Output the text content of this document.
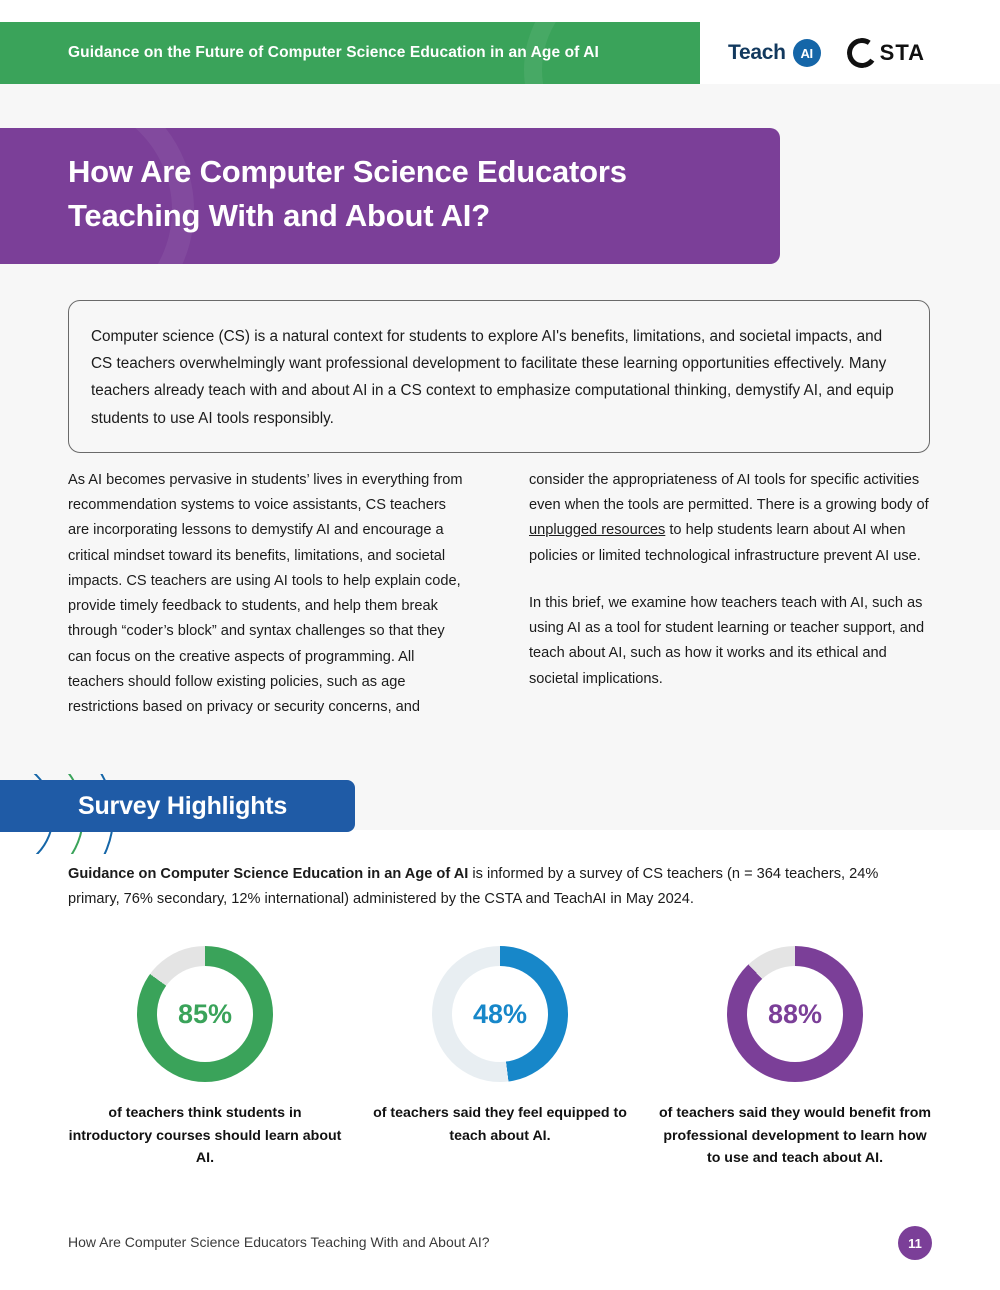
Guidance on the Future of Computer Science Education in an Age of AI	Teach	AI	STA
How Are Computer Science Educators Teaching With and About AI?

Computer science (CS) is a natural context for students to explore AI's benefits, limitations, and societal impacts, and CS teachers overwhelmingly want professional development to facilitate these learning opportunities effectively. Many teachers already teach with and about AI in a CS context to emphasize computational thinking, demystify AI, and equip students to use AI tools responsibly.

As AI becomes pervasive in students’ lives in everything from recommendation systems to voice assistants, CS teachers are incorporating lessons to demystify AI and encourage a critical mindset toward its benefits, limitations, and societal impacts. CS teachers are using AI tools to help explain code, provide timely feedback to students, and help them break through “coder’s block” and syntax challenges so that they can focus on the creative aspects of programming. All teachers should follow existing policies, such as age restrictions based on privacy or security concerns, and

consider the appropriateness of AI tools for specific activities even when the tools are permitted. There is a growing body of unplugged resources to help students learn about AI when policies or limited technological infrastructure prevent AI use.

In this brief, we examine how teachers teach with AI, such as using AI as a tool for student learning or teacher support, and teach about AI, such as how it works and its ethical and societal implications.

Survey Highlights
Guidance on Computer Science Education in an Age of AI is informed by a survey of CS teachers (n = 364 teachers, 24% primary, 76% secondary, 12% international) administered by the CSTA and TeachAI in May 2024.
85%
of teachers think students in introductory courses should learn about AI.
48%
of teachers said they feel equipped to teach about AI.
88%
of teachers said they would benefit from professional development to learn how to use and teach about AI.
How Are Computer Science Educators Teaching With and About AI?	11
